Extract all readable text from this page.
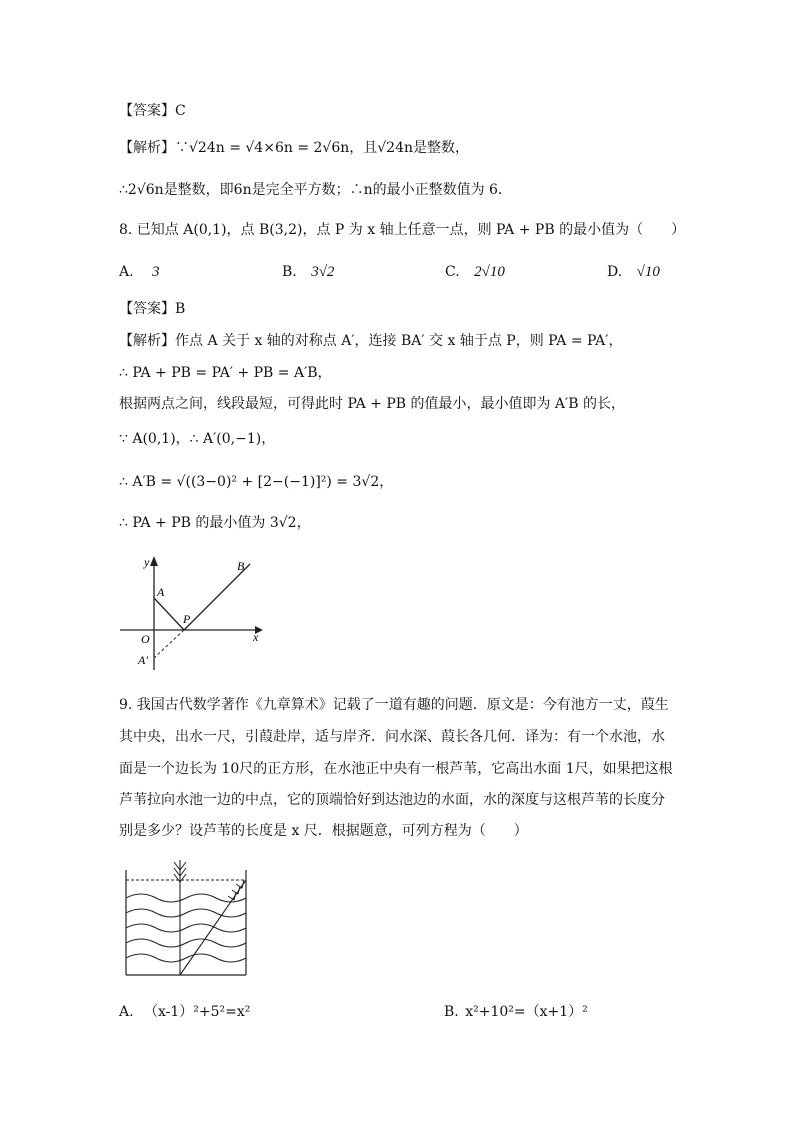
【答案】C
【解析】∵√24n = √4×6n = 2√6n，且√24n是整数，
∴2√6n是整数，即6n是完全平方数；∴n的最小正整数值为 6．
8. 已知点 A(0,1)，点 B(3,2)，点 P 为 x 轴上任意一点，则 PA + PB 的最小值为（　　）
A. 3	B. 3√2	C. 2√10	D. √10
【答案】B
【解析】作点 A 关于 x 轴的对称点 A′，连接 BA′ 交 x 轴于点 P，则 PA = PA′，
∴ PA + PB = PA′ + PB = A′B，
根据两点之间，线段最短，可得此时 PA + PB 的值最小，最小值即为 A′B 的长，
∵ A(0,1)，∴ A′(0,−1)，
∴ A′B = √((3−0)² + [2−(−1)]²) = 3√2，
∴ PA + PB 的最小值为 3√2，
y
x
A
B
P
O
A′
9. 我国古代数学著作《九章算术》记载了一道有趣的问题．原文是：今有池方一丈，葭生
其中央，出水一尺，引葭赴岸，适与岸齐．问水深、葭长各几何．译为：有一个水池，水
面是一个边长为 10尺的正方形，在水池正中央有一根芦苇，它高出水面 1尺，如果把这根
芦苇拉向水池一边的中点，它的顶端恰好到达池边的水面，水的深度与这根芦苇的长度分
别是多少？设芦苇的长度是 x 尺．根据题意，可列方程为（　　）
A. （x-1）²+5²=x²	B. x²+10²=（x+1）²
